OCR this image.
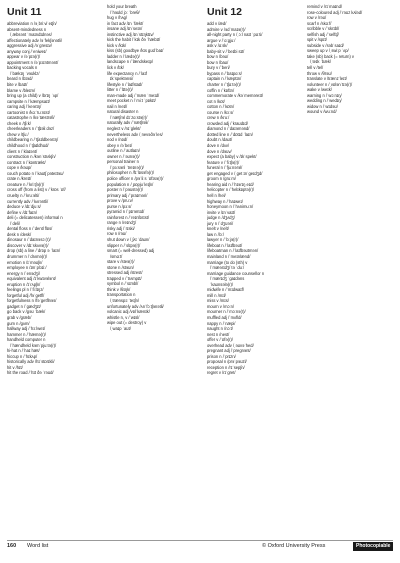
Unit 11	Unit 12
abbreviation n /əˌbriːviˈeɪʃn/
absent-mindedness n
/ˌæbsənt ˈmaɪndɪdnəs/
affectionately adv /əˈfekʃənətli/
aggressive adj /əˈɡresɪv/
anyway conj /ˈeniweɪ/
appear v /əˈpɪə(r)/
appointment n /əˈpɔɪntmənt/
backing vocals n
/ˈbækɪŋ ˈvəʊklz/
beard n /bɪəd/
bite v /baɪt/
blame v /bleɪm/
bring up (a child) v /brɪŋ ˈʌp/
campsite n /ˈkæmpsaɪt/
caring adj /ˈkeərɪŋ/
cartoonist n /kɑːˈtuːnɪst/
catastrophe n /kəˈtæstrəfi/
cheek n /tʃiːk/
cheerleaders n /ˈtʃɪəliːdəz/
chew v /tʃuː/
childbearing n /ˈtʃaɪldbeərɪŋ/
childhood n /ˈtʃaɪldhʊd/
client n /ˈklaɪənt/
construction n /kənˈstrʌkʃn/
contract n /ˈkɒntrækt/
cope v /kəʊp/
couch potato n /ˈkaʊtʃ pəteɪtəʊ/
crate n /kreɪt/
creature n /ˈkriːtʃə(r)/
cross off (from a list) v /ˈkrɒs ˈɒf/
cruelty n /ˈkruːəlti/
currently adv /ˈkʌrəntli/
deduce v /dɪˈdjuːs/
define v /dɪˈfaɪn/
deli (= delicatessen) informal n
/ˈdeli/
dental floss n /ˈdentl flɒs/
desk n /desk/
dinosaur n /ˈdaɪnəsɔː(r)/
discover v /dɪˈskʌvə(r)/
drop (sb) a line /ˈdrɒp ə ˈlaɪn/
drummer n /ˈdrʌmə(r)/
emotion n /ɪˈməʊʃn/
employee n /ɪmˈplɔɪiː/
energy n /ˈenədʒi/
equivalent adj /ɪˈkwɪvələnt/
eruption n /ɪˈrʌpʃn/
feelings pl n /ˈfiːlɪŋz/
forgetful adj /fəˈɡetfl/
forgetfulness n /fəˈɡetflnəs/
gadget n /ˈɡædʒɪt/
go back v /ɡəʊ ˈbæk/
grab v /ɡræb/
gum n /ɡʌm/
hallway adj /ˈhɔːlweɪ/
hammer n /ˈhæmə(r)/
handheld computer n
/ˈhændheld kəmˈpjuːtə(r)/
hi-hat n /ˈhaɪ hæt/
hiccup n /ˈhɪkʌp/
historically adv /hɪˈstɒrɪkli/
hit v /hɪt/
hit the road /ˈhɪt ðə ˈrəʊd/
hold your breath
/ˈhəʊld jɔː ˈbreθ/
hug v /hʌɡ/
in fact adv /ɪn ˈfækt/
insane adj /ɪnˈseɪn/
instinctive adj /ɪnˈstɪŋktɪv/
kick the habit /ˈkɪk ðə ˈhæbɪt/
kick v /kɪk/
kiss (sb) goodbye /kɪs ɡʊdˈbaɪ/
ladder n /ˈlædə(r)/
landscape n /ˈlændskeɪp/
lick v /lɪk/
life expectancy n /ˈlaɪf
ɪkˈspektənsi/
lifestyle n /ˈlaɪfstaɪl/
litter n /ˈlɪtə(r)/
man-made adj /ˈmæn ˈmeɪd/
meet pocket n /ˈmiːt ˈpɒkɪt/
nail n /neɪl/
natural disaster n
/ˈnætʃrəl dɪˈzɑːstə(r)/
naturally adv /ˈnætʃrəli/
neglect v /nɪˈɡlekt/
nevertheless adv /ˌnevəðəˈles/
nod v /nɒd/
obey v /əˈbeɪ/
outline n /ˈaʊtlaɪn/
owner n /ˈəʊnə(r)/
personal trainer n
/ˈpɜːsənl ˈtreɪnə(r)/
philosopher n /fɪˈlɒsəfə(r)/
police officer n /pəˈliːs ˈɒfɪsə(r)/
population n /ˌpɒpjuˈleɪʃn/
poster n /ˈpəʊstə(r)/
primary adj /ˈpraɪməri/
prove v /pruːv/
purse n /pɜːs/
pyramid n /ˈpɪrəmɪd/
rainforest n /ˈreɪnfɒrɪst/
range n /reɪndʒ/
risky adj /ˈrɪski/
row n /rəʊ/
shut down v /ˌʃʌt ˈdaʊn/
slipper n /ˈslɪpə(r)/
smart (= well-dressed) adj
/smɑːt/
stare v /steə(r)/
stone n /stəʊn/
stressed adj /strest/
trapped v /ˈtrʌmpɪt/
symbol n /ˈsɪmbl/
think v /θɪŋk/
transportation n
/ˌtrænspɔːˈteɪʃn/
unfortunately adv /ʌnˈfɔːtʃənətli/
volcanic adj /vɒlˈkænɪk/
whistle n, v /ˈwɪsl/
wipe out (= destroy) v
/ˌwaɪp ˈaʊt/
add v /æd/
admire v /ədˈmaɪə(r)/
all-night party n /ˌɔːl naɪt ˈpɑːti/
argue v /ˈɑːɡjuː/
ask v /ɑːsk/
baby-sit v /ˈbeɪbi sɪt/
bow n /bəʊ/
bow n /baʊ/
bury v /ˈberi/
bypass n /ˈbaɪpɑːs/
captain n /ˈkæptɪn/
charter n /ˈtʃɑːtə(r)/
coffin n /ˈkɒfɪn/
commemorate v /kəˈmeməreɪt/
cot n /kɒt/
cotton n /ˈkɒtn/
course n /kɔːs/
crew n /kruː/
crowded adj /ˈkraʊdɪd/
diamond n /ˈdaɪəmənd/
dotted line n /ˈdɒtɪd ˈlaɪn/
doubt n /daʊt/
dove n /dʌv/
dove n /dəʊv/
expect (a baby) v /ɪkˈspekt/
feature v /ˈfiːtʃə(r)/
funeral n /ˈfjuːnərəl/
get engaged v /ˌɡet ɪnˈɡeɪdʒd/
groom n /ɡruːm/
hearing aid n /ˈhɪərɪŋ eɪd/
helicopter n /ˈhelɪkɒptə(r)/
hell n /hel/
highway n /ˈhaɪweɪ/
honeymoon n /ˈhʌnimuːn/
invite v /ɪnˈvaɪt/
judge n /dʒʌdʒ/
jury n /ˈdʒʊəri/
knelt v /nelt/
law n /lɔː/
lawyer n /ˈlɔːjə(r)/
lifeboat n /ˈlaɪfbəʊt/
lifeboatman n /ˈlaɪfbəʊtmən/
mainland n /ˈmeɪnlænd/
marriage (to do (sth) v
/ˈmæərɪdʒ/ tə ˈduː/
marriage guidance counsellor n
/ˈmærɪdʒ ˈɡaɪdəns
ˈkaʊnsələ(r)/
midwife n /ˈmɪdwaɪf/
mill n /mɪl/
miss v /mɪs/
mourn v /mɔːn/
mourner n /ˈmɔːnə(r)/
muffled adj /ˈmʌfld/
nappy n /ˈnæpi/
naught n /nɔːt/
nest n /nest/
offer v /ˈɒfə(r)/
overhead adv /ˌəʊvəˈhed/
pregnant adj /ˈpreɡnənt/
prison n /ˈprɪzn/
proposal n /prəˈpəʊzl/
reception n /rɪˈsepʃn/
regret v /rɪˈɡret/
remind v /rɪˈmaɪnd/
rose-coloured adj /ˈrəʊz kʌləd/
row v /rəʊ/
scarf n /skɑːf/
scribble v /ˈskrɪbl/
selfish adj /ˈselfɪʃ/
spit v /spɪt/
subside v /səbˈsaɪd/
sweep up v /ˌswiːp ˈʌp/
take (sb) back (= return) v
/ˌteɪk ˈbæk/
tell v /tel/
throw v /θrəʊ/
translate v /trænzˈleɪt/
volunteer n /ˌvɒlənˈtɪə(r)/
wake v /weɪk/
warning n /ˈwɔːnɪŋ/
wedding n /ˈwedɪŋ/
widow n /ˈwɪdəʊ/
wound v /wuːnd/
160 Word list	© Oxford University Press	Photocopiable
